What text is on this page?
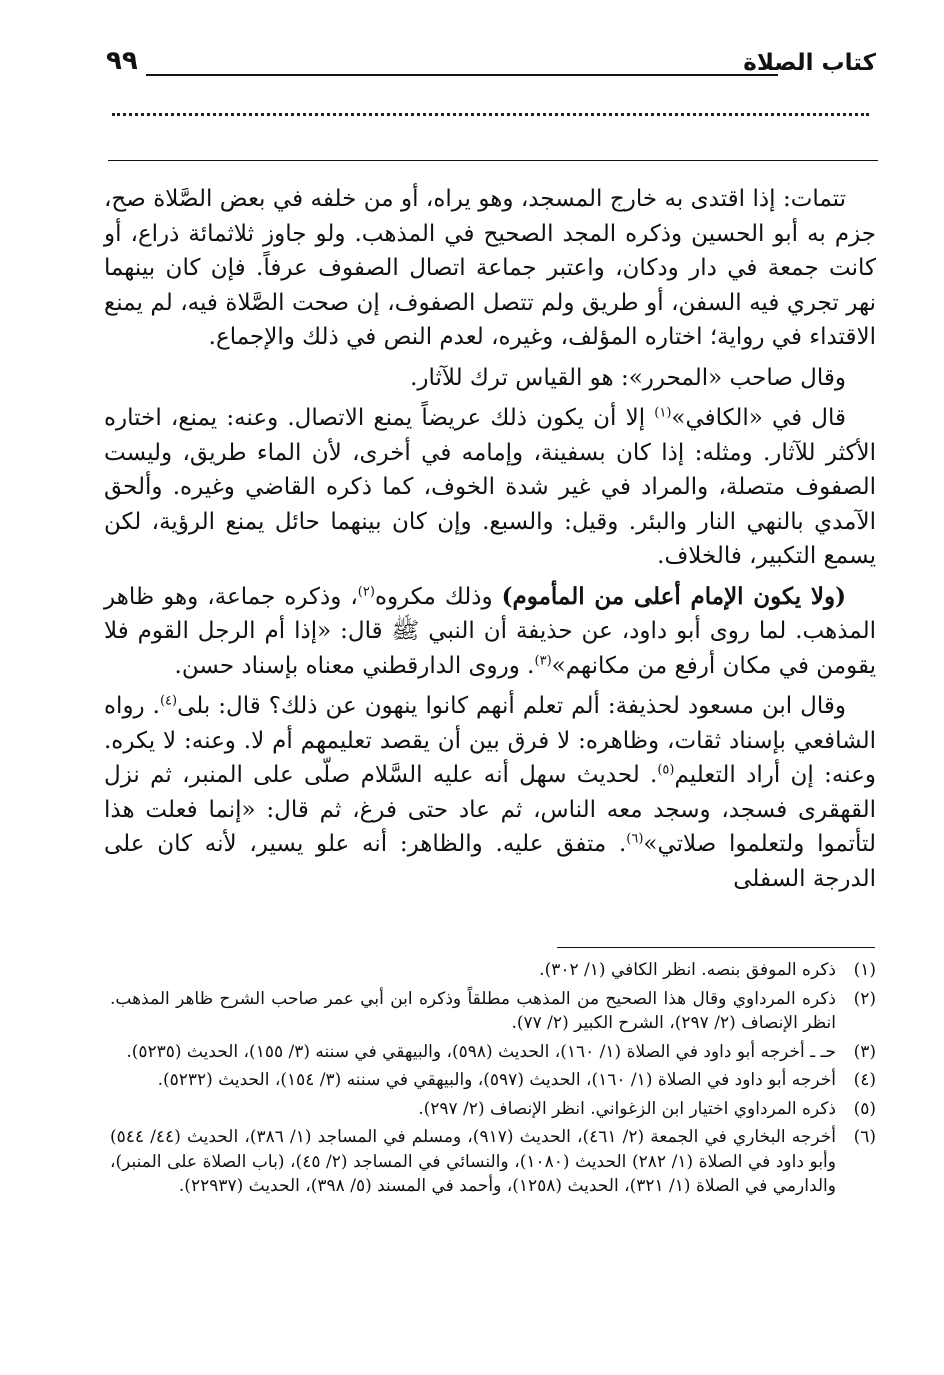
كتاب الصلاة
٩٩

تتمات: إذا اقتدى به خارج المسجد، وهو يراه، أو من خلفه في بعض الصَّلاة صح، جزم به أبو الحسين وذكره المجد الصحيح في المذهب. ولو جاوز ثلاثمائة ذراع، أو كانت جمعة في دار ودكان، واعتبر جماعة اتصال الصفوف عرفاً. فإن كان بينهما نهر تجري فيه السفن، أو طريق ولم تتصل الصفوف، إن صحت الصَّلاة فيه، لم يمنع الاقتداء في رواية؛ اختاره المؤلف، وغيره، لعدم النص في ذلك والإجماع.

وقال صاحب «المحرر»: هو القياس ترك للآثار.

قال في «الكافي»$^{(١)}$ إلا أن يكون ذلك عريضاً يمنع الاتصال. وعنه: يمنع، اختاره الأكثر للآثار. ومثله: إذا كان بسفينة، وإمامه في أخرى، لأن الماء طريق، وليست الصفوف متصلة، والمراد في غير شدة الخوف، كما ذكره القاضي وغيره. وألحق الآمدي بالنهي النار والبئر. وقيل: والسبع. وإن كان بينهما حائل يمنع الرؤية، لكن يسمع التكبير، فالخلاف.

(ولا يكون الإمام أعلى من المأموم) وذلك مكروه$^{(٢)}$، وذكره جماعة، وهو ظاهر المذهب. لما روى أبو داود، عن حذيفة أن النبي ﷺ قال: «إذا أم الرجل القوم فلا يقومن في مكان أرفع من مكانهم»$^{(٣)}$. وروى الدارقطني معناه بإسناد حسن.

وقال ابن مسعود لحذيفة: ألم تعلم أنهم كانوا ينهون عن ذلك؟ قال: بلى$^{(٤)}$. رواه الشافعي بإسناد ثقات، وظاهره: لا فرق بين أن يقصد تعليمهم أم لا. وعنه: لا يكره. وعنه: إن أراد التعليم$^{(٥)}$. لحديث سهل أنه عليه السَّلام صلّى على المنبر، ثم نزل القهقرى فسجد، وسجد معه الناس، ثم عاد حتى فرغ، ثم قال: «إنما فعلت هذا لتأتموا ولتعلموا صلاتي»$^{(٦)}$. متفق عليه. والظاهر: أنه علو يسير، لأنه كان على الدرجة السفلى

(١)
ذكره الموفق بنصه. انظر الكافي (١/ ٣٠٢).
(٢)
ذكره المرداوي وقال هذا الصحيح من المذهب مطلقاً وذكره ابن أبي عمر صاحب الشرح ظاهر المذهب. انظر الإنصاف (٢/ ٢٩٧)، الشرح الكبير (٢/ ٧٧).
(٣)
حـ ـ أخرجه أبو داود في الصلاة (١/ ١٦٠)، الحديث (٥٩٨)، والبيهقي في سننه (٣/ ١٥٥)، الحديث (٥٢٣٥).
(٤)
أخرجه أبو داود في الصلاة (١/ ١٦٠)، الحديث (٥٩٧)، والبيهقي في سننه (٣/ ١٥٤)، الحديث (٥٢٣٢).
(٥)
ذكره المرداوي اختيار ابن الزغواني. انظر الإنصاف (٢/ ٢٩٧).
(٦)
أخرجه البخاري في الجمعة (٢/ ٤٦١)، الحديث (٩١٧)، ومسلم في المساجد (١/ ٣٨٦)، الحديث (٤٤/ ٥٤٤) وأبو داود في الصلاة (١/ ٢٨٢) الحديث (١٠٨٠)، والنسائي في المساجد (٢/ ٤٥)، (باب الصلاة على المنبر)، والدارمي في الصلاة (١/ ٣٢١)، الحديث (١٢٥٨)، وأحمد في المسند (٥/ ٣٩٨)، الحديث (٢٢٩٣٧).
